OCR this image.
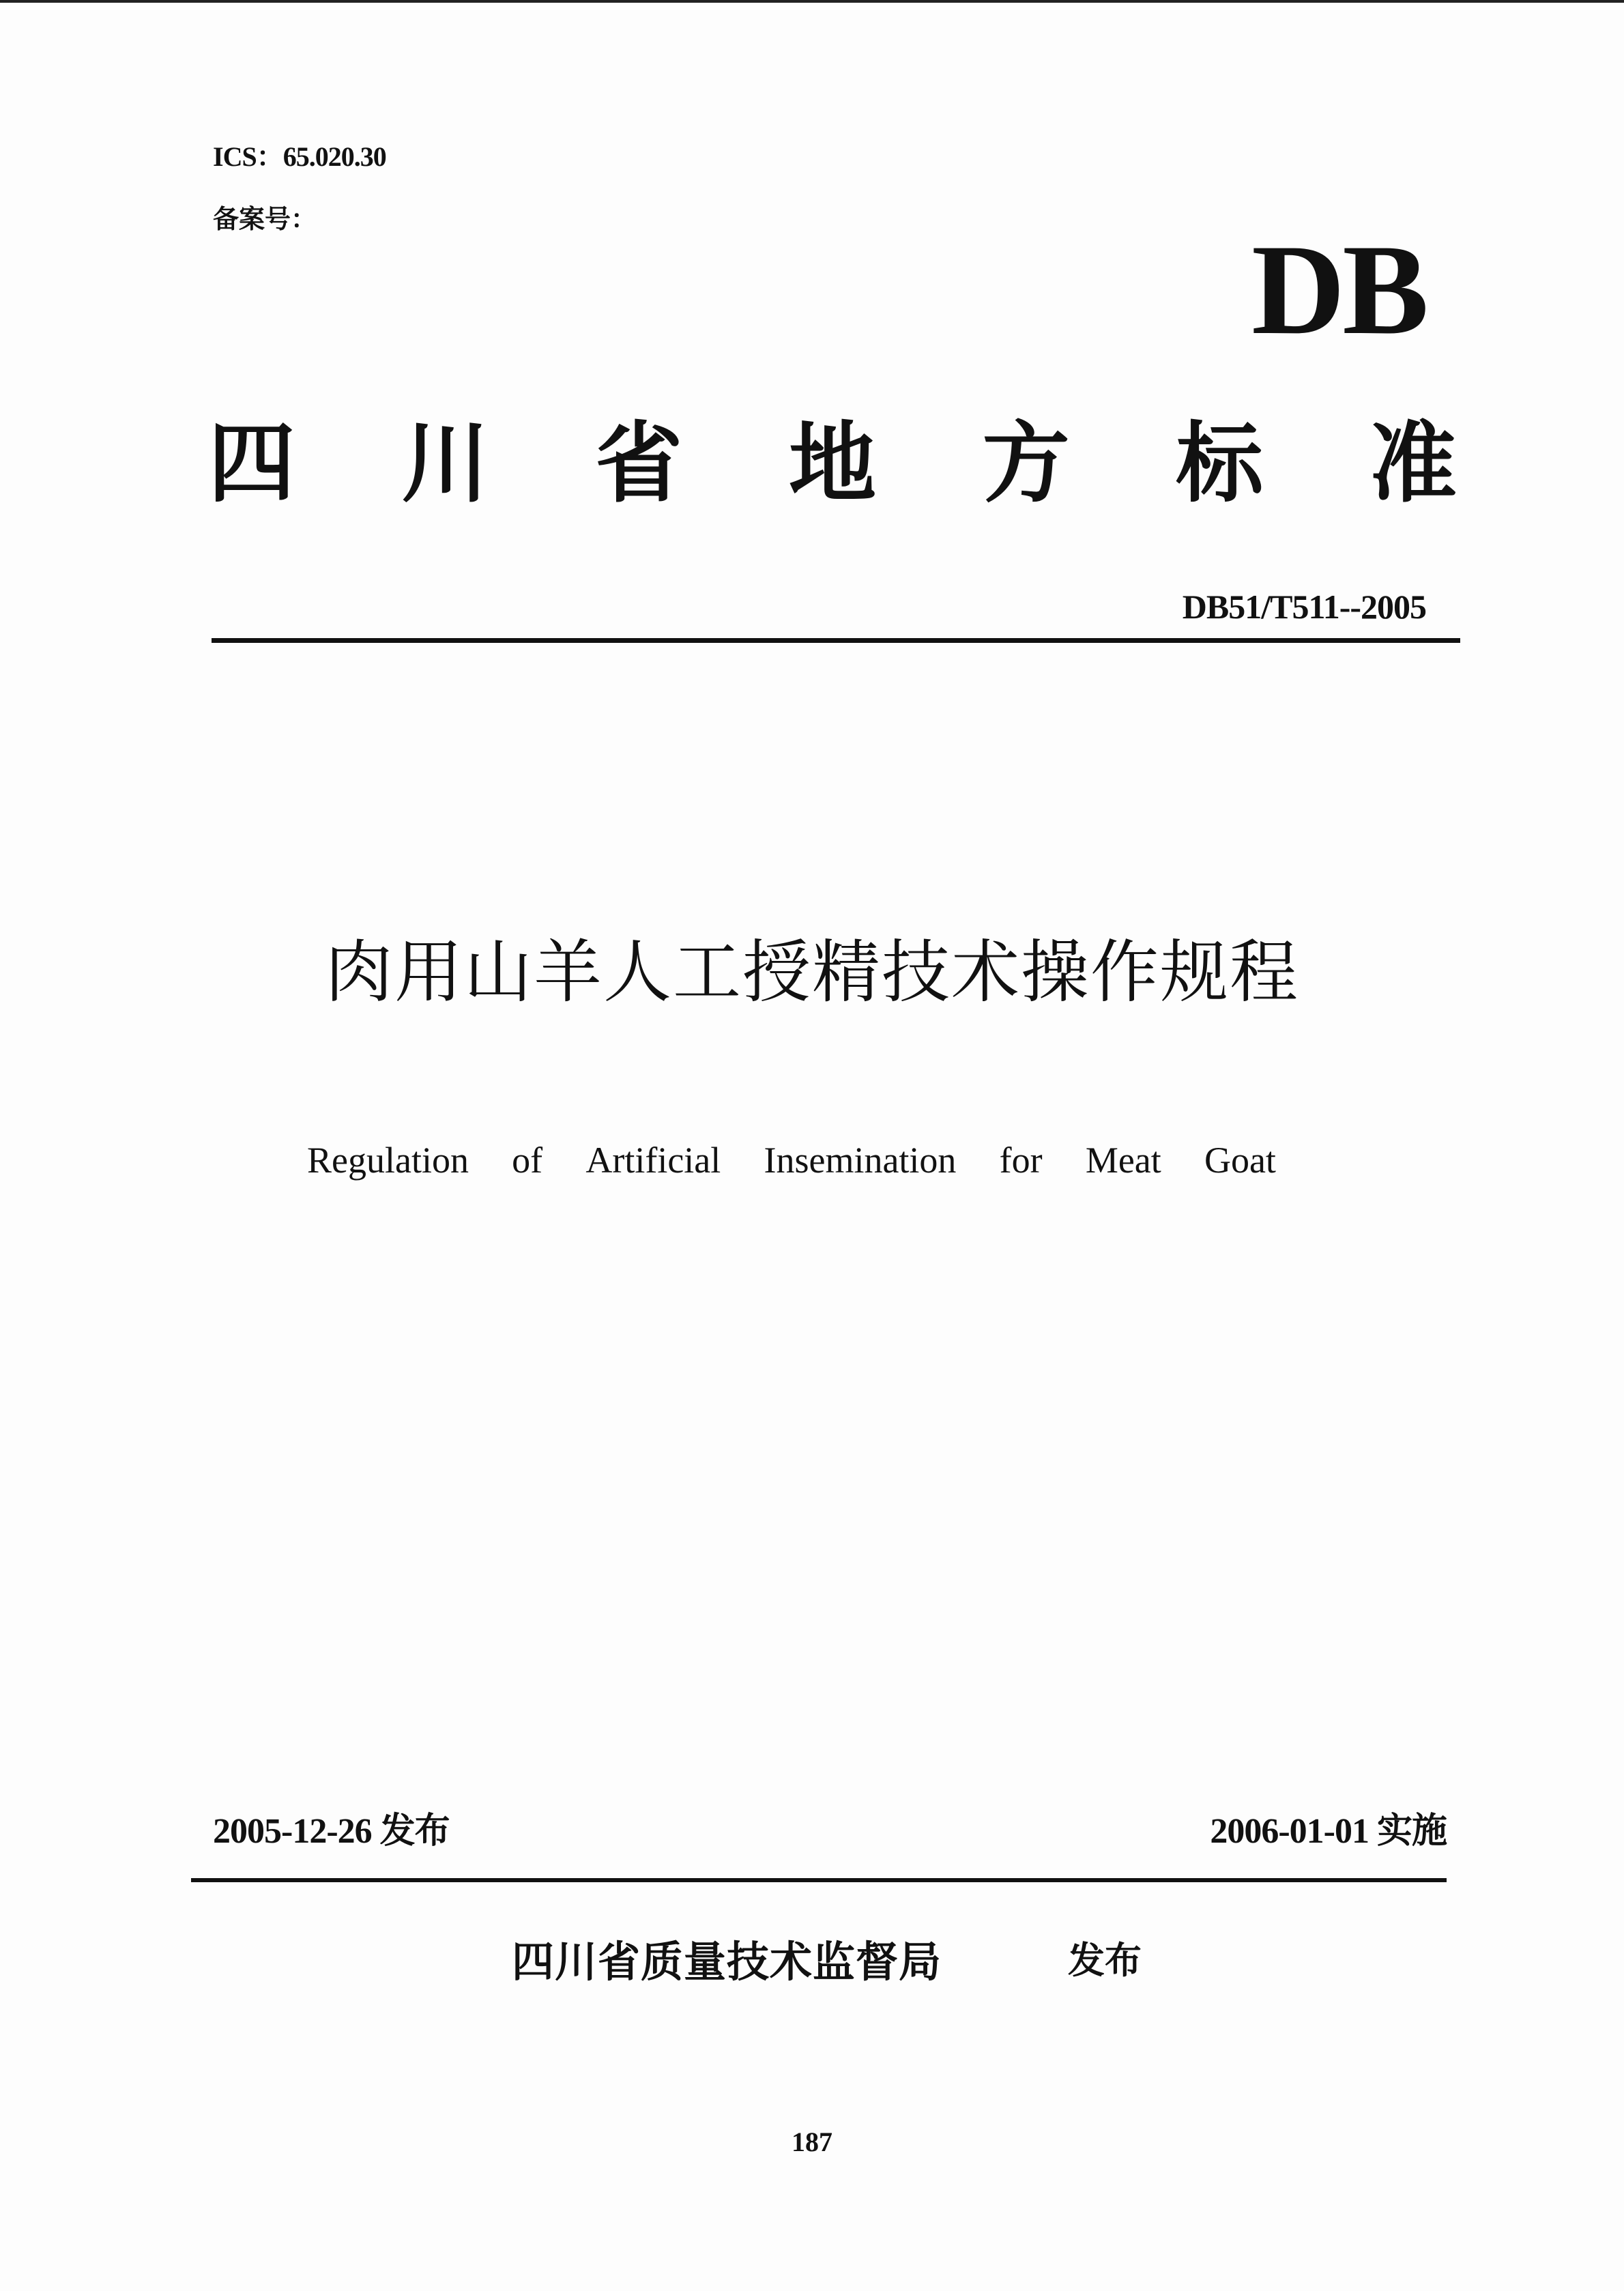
ICS：65.020.30
备案号：	DB
四 川 省 地 方 标 准
DB51/T511--2005
肉用山羊人工授精技术操作规程
Regulation of Artificial Insemination for Meat Goat
2005-12-26 发布	2006-01-01 实施
四川省质量技术监督局	发布
187
